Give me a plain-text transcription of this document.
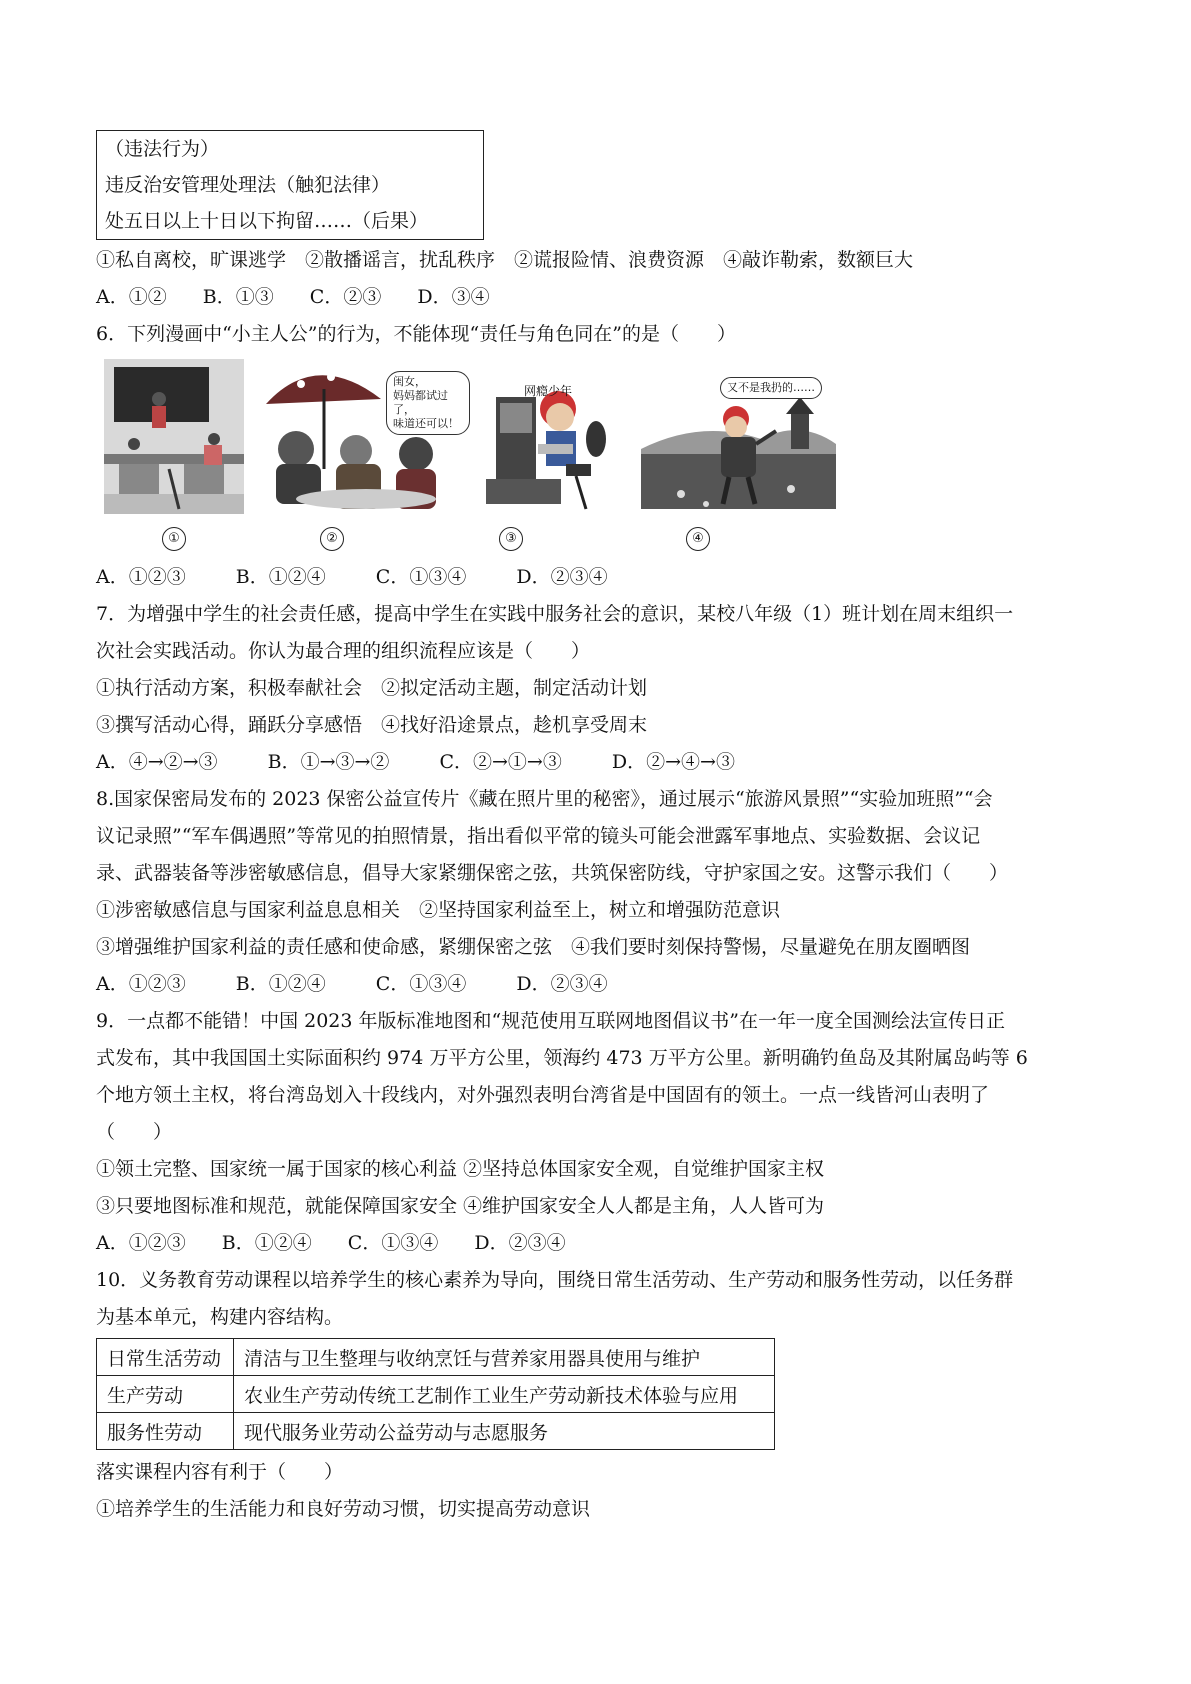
（违法行为）
违反治安管理处理法（触犯法律）
处五日以上十日以下拘留……（后果）
①私自离校，旷课逃学　②散播谣言，扰乱秩序　②谎报险情、浪费资源　④敲诈勒索，数额巨大
A．①② B．①③ C．②③ D．③④
6．下列漫画中“小主人公”的行为，不能体现“责任与角色同在”的是（　　）
①
闺女，
妈妈都试过了，
味道还可以！
②
网瘾少年
③
又不是我扔的……
④
A．①②③	B．①②④	C．①③④	D．②③④
7．为增强中学生的社会责任感，提高中学生在实践中服务社会的意识，某校八年级（1）班计划在周末组织一
次社会实践活动。你认为最合理的组织流程应该是（　　）
①执行活动方案，积极奉献社会　②拟定活动主题，制定活动计划
③撰写活动心得，踊跃分享感悟　④找好沿途景点，趁机享受周末
A．④→②→③	B．①→③→②	C．②→①→③	D．②→④→③
8.国家保密局发布的 2023 保密公益宣传片《藏在照片里的秘密》，通过展示“旅游风景照”“实验加班照”“会
议记录照”“军车偶遇照”等常见的拍照情景，指出看似平常的镜头可能会泄露军事地点、实验数据、会议记
录、武器装备等涉密敏感信息，倡导大家紧绷保密之弦，共筑保密防线，守护家国之安。这警示我们（　　）
①涉密敏感信息与国家利益息息相关　②坚持国家利益至上，树立和增强防范意识
③增强维护国家利益的责任感和使命感，紧绷保密之弦　④我们要时刻保持警惕，尽量避免在朋友圈晒图
A．①②③	B．①②④	C．①③④	D．②③④
9．一点都不能错！中国 2023 年版标准地图和“规范使用互联网地图倡议书”在一年一度全国测绘法宣传日正
式发布，其中我国国土实际面积约 974 万平方公里，领海约 473 万平方公里。新明确钓鱼岛及其附属岛屿等 6
个地方领土主权，将台湾岛划入十段线内，对外强烈表明台湾省是中国固有的领土。一点一线皆河山表明了
（　　）
①领土完整、国家统一属于国家的核心利益 ②坚持总体国家安全观，自觉维护国家主权
③只要地图标准和规范，就能保障国家安全 ④维护国家安全人人都是主角，人人皆可为
A．①②③ B．①②④ C．①③④ D．②③④
10．义务教育劳动课程以培养学生的核心素养为导向，围绕日常生活劳动、生产劳动和服务性劳动，以任务群
为基本单元，构建内容结构。
日常生活劳动	清洁与卫生整理与收纳烹饪与营养家用器具使用与维护
生产劳动	农业生产劳动传统工艺制作工业生产劳动新技术体验与应用
服务性劳动	现代服务业劳动公益劳动与志愿服务
落实课程内容有利于（　　）
①培养学生的生活能力和良好劳动习惯，切实提高劳动意识
